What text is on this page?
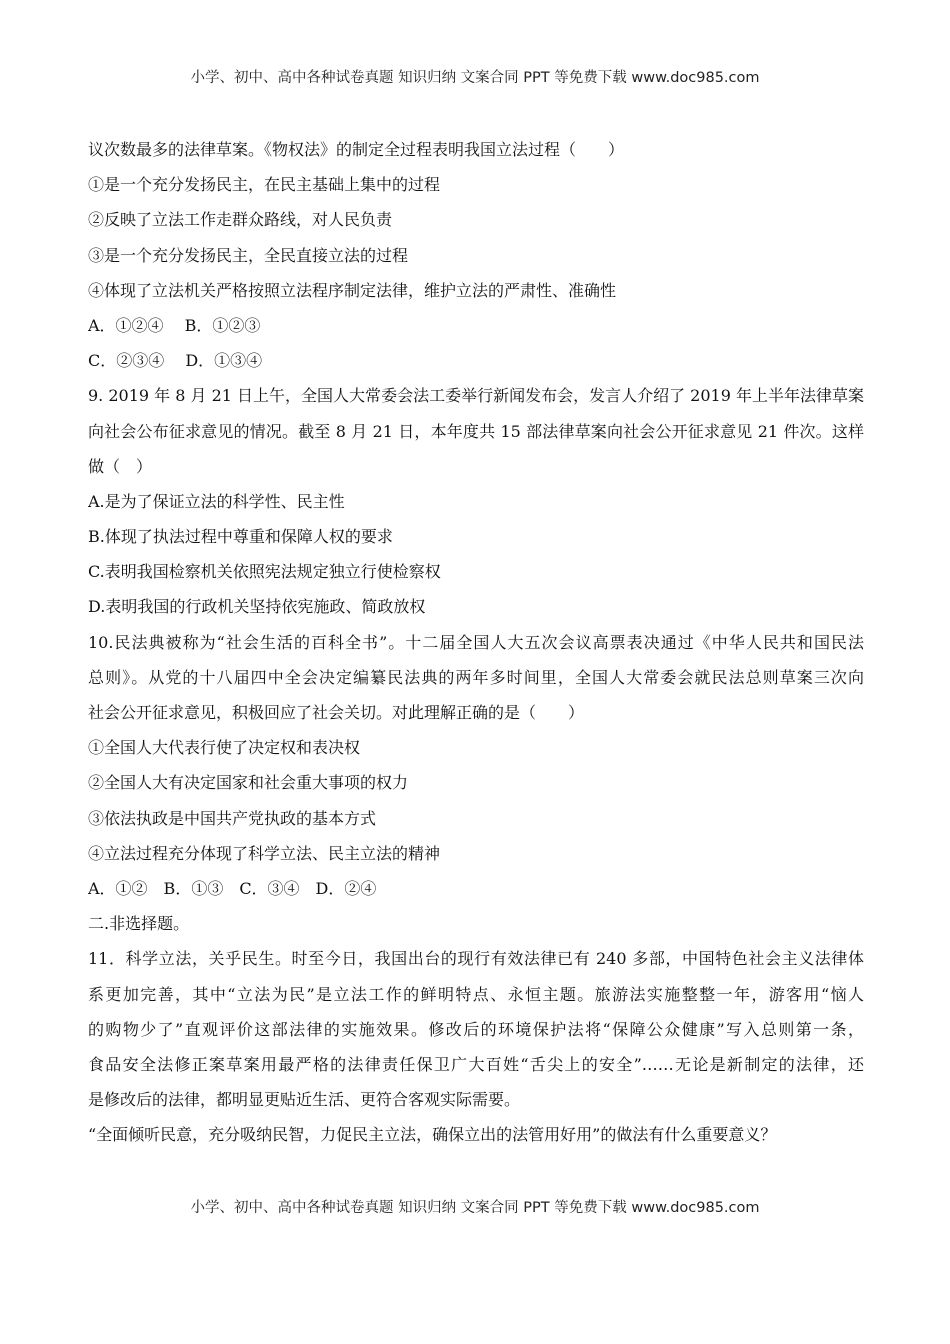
小学、初中、高中各种试卷真题 知识归纳 文案合同 PPT 等免费下载 www.doc985.com
议次数最多的法律草案。《物权法》的制定全过程表明我国立法过程（　　）
①是一个充分发扬民主，在民主基础上集中的过程
②反映了立法工作走群众路线，对人民负责
③是一个充分发扬民主，全民直接立法的过程
④体现了立法机关严格按照立法程序制定法律，维护立法的严肃性、准确性
A．①②④　 B．①②③
C．②③④　 D．①③④
9. 2019 年 8 月 21 日上午，全国人大常委会法工委举行新闻发布会，发言人介绍了 2019 年上半年法律草案
向社会公布征求意见的情况。截至 8 月 21 日，本年度共 15 部法律草案向社会公开征求意见 21 件次。这样
做（　）
A.是为了保证立法的科学性、民主性
B.体现了执法过程中尊重和保障人权的要求
C.表明我国检察机关依照宪法规定独立行使检察权
D.表明我国的行政机关坚持依宪施政、简政放权
10.民法典被称为“社会生活的百科全书”。十二届全国人大五次会议高票表决通过《中华人民共和国民法
总则》。从党的十八届四中全会决定编纂民法典的两年多时间里，全国人大常委会就民法总则草案三次向
社会公开征求意见，积极回应了社会关切。对此理解正确的是（　　）
①全国人大代表行使了决定权和表决权
②全国人大有决定国家和社会重大事项的权力
③依法执政是中国共产党执政的基本方式
④立法过程充分体现了科学立法、民主立法的精神
A．①②　B．①③　C．③④　D．②④
二.非选择题。
11．科学立法，关乎民生。时至今日，我国出台的现行有效法律已有 240 多部，中国特色社会主义法律体
系更加完善，其中“立法为民”是立法工作的鲜明特点、永恒主题。旅游法实施整整一年，游客用“恼人
的购物少了”直观评价这部法律的实施效果。修改后的环境保护法将“保障公众健康”写入总则第一条，
食品安全法修正案草案用最严格的法律责任保卫广大百姓“舌尖上的安全”……无论是新制定的法律，还
是修改后的法律，都明显更贴近生活、更符合客观实际需要。
“全面倾听民意，充分吸纳民智，力促民主立法，确保立出的法管用好用”的做法有什么重要意义？
小学、初中、高中各种试卷真题 知识归纳 文案合同 PPT 等免费下载 www.doc985.com
